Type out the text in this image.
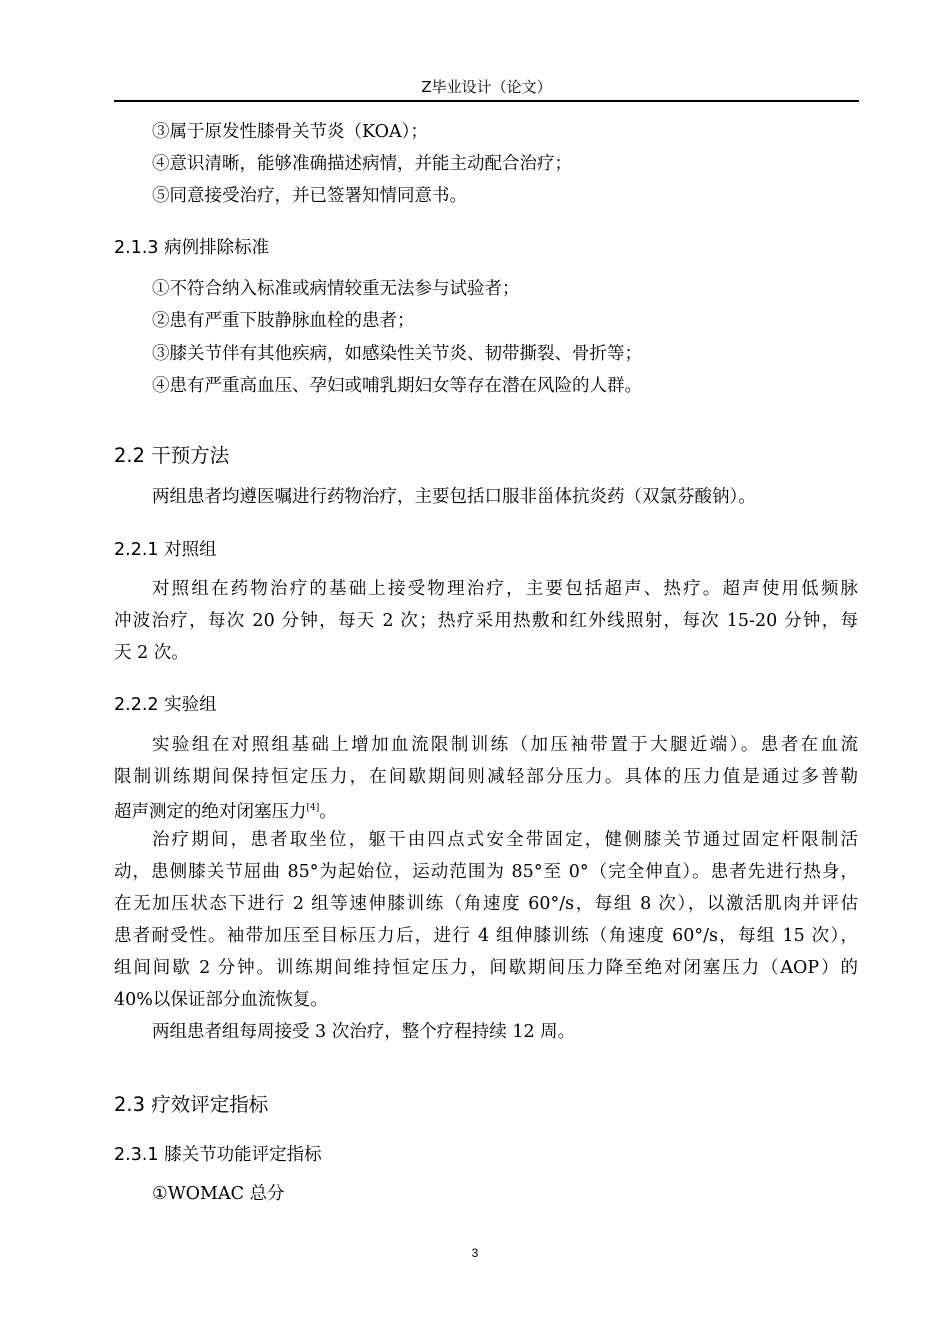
Z毕业设计（论文）
③属于原发性膝骨关节炎（KOA）；
④意识清晰，能够准确描述病情，并能主动配合治疗；
⑤同意接受治疗，并已签署知情同意书。
2.1.3 病例排除标准
①不符合纳入标准或病情较重无法参与试验者；
②患有严重下肢静脉血栓的患者；
③膝关节伴有其他疾病，如感染性关节炎、韧带撕裂、骨折等；
④患有严重高血压、孕妇或哺乳期妇女等存在潜在风险的人群。
2.2 干预方法
两组患者均遵医嘱进行药物治疗，主要包括口服非甾体抗炎药（双氯芬酸钠）。
2.2.1 对照组
对照组在药物治疗的基础上接受物理治疗，主要包括超声、热疗。超声使用低频脉
冲波治疗，每次 20 分钟，每天 2 次；热疗采用热敷和红外线照射，每次 15-20 分钟，每
天 2 次。
2.2.2 实验组
实验组在对照组基础上增加血流限制训练（加压袖带置于大腿近端）。患者在血流
限制训练期间保持恒定压力，在间歇期间则减轻部分压力。具体的压力值是通过多普勒
超声测定的绝对闭塞压力[4]。
治疗期间，患者取坐位，躯干由四点式安全带固定，健侧膝关节通过固定杆限制活
动，患侧膝关节屈曲 85°为起始位，运动范围为 85°至 0°（完全伸直）。患者先进行热身，
在无加压状态下进行 2 组等速伸膝训练（角速度 60°/s，每组 8 次），以激活肌肉并评估
患者耐受性。袖带加压至目标压力后，进行 4 组伸膝训练（角速度 60°/s，每组 15 次），
组间间歇 2 分钟。训练期间维持恒定压力，间歇期间压力降至绝对闭塞压力（AOP）的
40%以保证部分血流恢复。
两组患者组每周接受 3 次治疗，整个疗程持续 12 周。
2.3 疗效评定指标
2.3.1 膝关节功能评定指标
①WOMAC 总分
3
